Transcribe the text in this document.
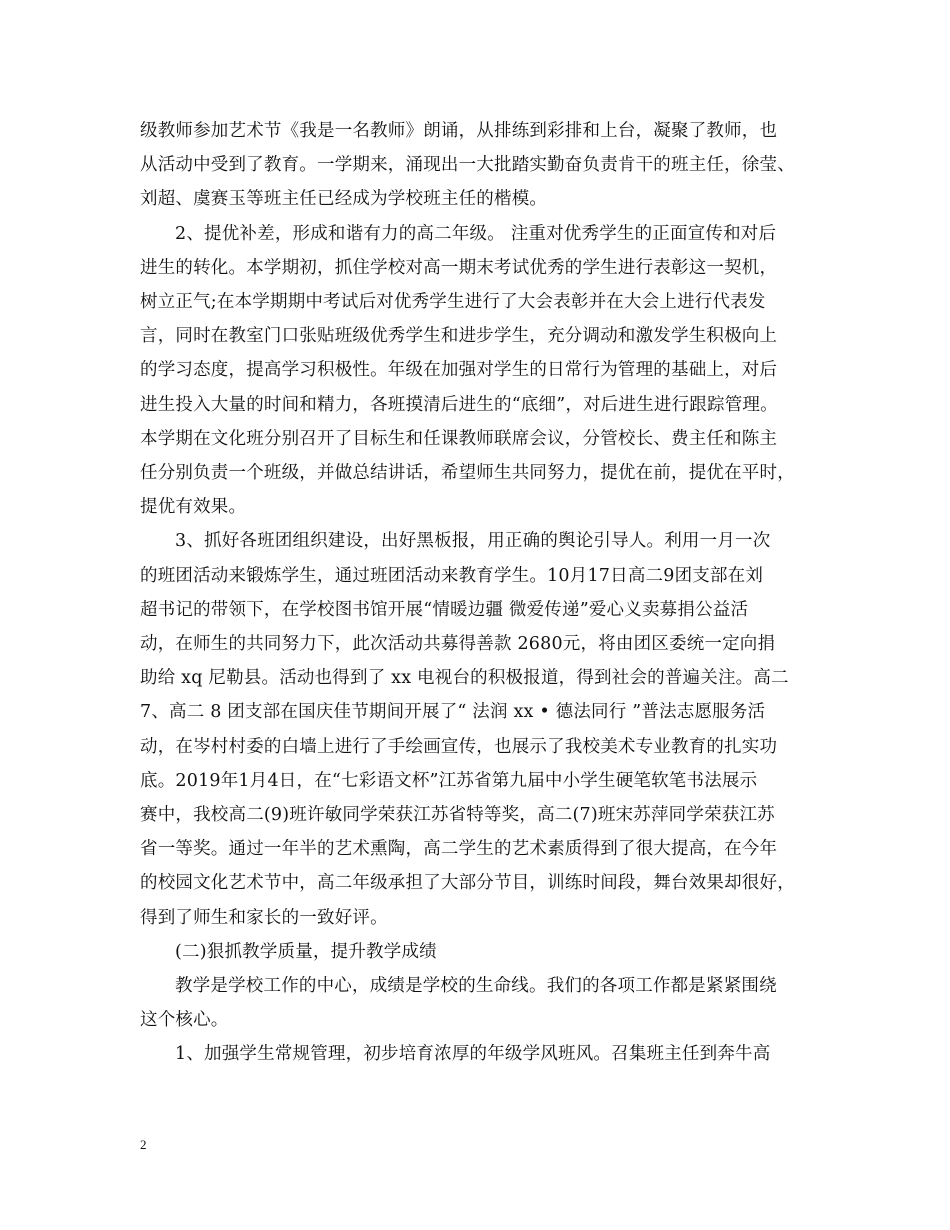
级教师参加艺术节《我是一名教师》朗诵，从排练到彩排和上台，凝聚了教师，也
从活动中受到了教育。一学期来，涌现出一大批踏实勤奋负责肯干的班主任，徐莹、
刘超、虞赛玉等班主任已经成为学校班主任的楷模。
2、提优补差，形成和谐有力的高二年级。 注重对优秀学生的正面宣传和对后
进生的转化。本学期初，抓住学校对高一期末考试优秀的学生进行表彰这一契机，
树立正气;在本学期期中考试后对优秀学生进行了大会表彰并在大会上进行代表发
言，同时在教室门口张贴班级优秀学生和进步学生，充分调动和激发学生积极向上
的学习态度，提高学习积极性。年级在加强对学生的日常行为管理的基础上，对后
进生投入大量的时间和精力，各班摸清后进生的“底细”，对后进生进行跟踪管理。
本学期在文化班分别召开了目标生和任课教师联席会议，分管校长、费主任和陈主
任分别负责一个班级，并做总结讲话，希望师生共同努力，提优在前，提优在平时，
提优有效果。
3、抓好各班团组织建设，出好黑板报，用正确的舆论引导人。利用一月一次
的班团活动来锻炼学生，通过班团活动来教育学生。10月17日高二9团支部在刘
超书记的带领下，在学校图书馆开展“情暖边疆 微爱传递”爱心义卖募捐公益活
动，在师生的共同努力下，此次活动共募得善款 2680元，将由团区委统一定向捐
助给 xq 尼勒县。活动也得到了 xx 电视台的积极报道，得到社会的普遍关注。高二
7、高二 8 团支部在国庆佳节期间开展了“ 法润 xx • 德法同行 ”普法志愿服务活
动，在岑村村委的白墙上进行了手绘画宣传，也展示了我校美术专业教育的扎实功
底。2019年1月4日，在“七彩语文杯”江苏省第九届中小学生硬笔软笔书法展示
赛中，我校高二(9)班许敏同学荣获江苏省特等奖，高二(7)班宋苏萍同学荣获江苏
省一等奖。通过一年半的艺术熏陶，高二学生的艺术素质得到了很大提高，在今年
的校园文化艺术节中，高二年级承担了大部分节目，训练时间段，舞台效果却很好，
得到了师生和家长的一致好评。
(二)狠抓教学质量，提升教学成绩
教学是学校工作的中心，成绩是学校的生命线。我们的各项工作都是紧紧围绕
这个核心。
1、加强学生常规管理，初步培育浓厚的年级学风班风。召集班主任到奔牛高
2
